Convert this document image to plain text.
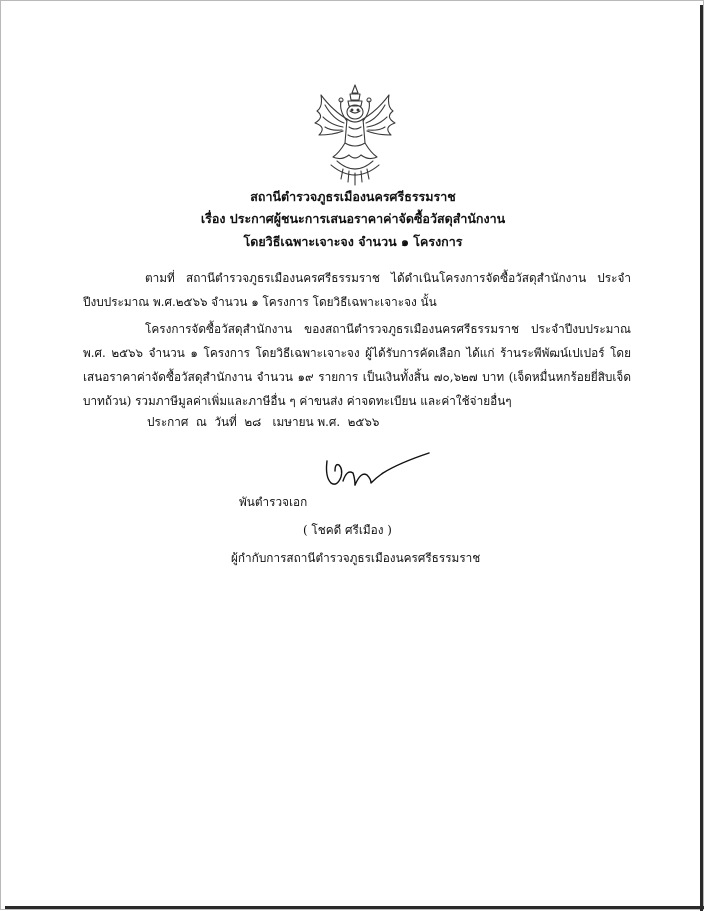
สถานีตำรวจภูธรเมืองนครศรีธรรมราช
เรื่อง ประกาศผู้ชนะการเสนอราคาค่าจัดซื้อวัสดุสำนักงาน
โดยวิธีเฉพาะเจาะจง จำนวน ๑ โครงการ
ตามที่ สถานีตำรวจภูธรเมืองนครศรีธรรมราช ได้ดำเนินโครงการจัดซื้อวัสดุสำนักงาน ประจำปีงบประมาณ พ.ศ.๒๕๖๖ จำนวน ๑ โครงการ โดยวิธีเฉพาะเจาะจง นั้น
โครงการจัดซื้อวัสดุสำนักงาน ของสถานีตำรวจภูธรเมืองนครศรีธรรมราช ประจำปีงบประมาณ พ.ศ. ๒๕๖๖ จำนวน ๑ โครงการ โดยวิธีเฉพาะเจาะจง ผู้ได้รับการคัดเลือก ได้แก่ ร้านระพีพัฒน์เปเปอร์ โดยเสนอราคาค่าจัดซื้อวัสดุสำนักงาน จำนวน ๑๙ รายการ เป็นเงินทั้งสิ้น ๗๐,๖๒๗ บาท (เจ็ดหมื่นหกร้อยยี่สิบเจ็ดบาทถ้วน) รวมภาษีมูลค่าเพิ่มและภาษีอื่น ๆ ค่าขนส่ง ค่าจดทะเบียน และค่าใช้จ่ายอื่นๆ
ประกาศ  ณ  วันที่  ๒๘   เมษายน พ.ศ.  ๒๕๖๖
พันตำรวจเอก
( โชคดี ศรีเมือง )
ผู้กำกับการสถานีตำรวจภูธรเมืองนครศรีธรรมราช
